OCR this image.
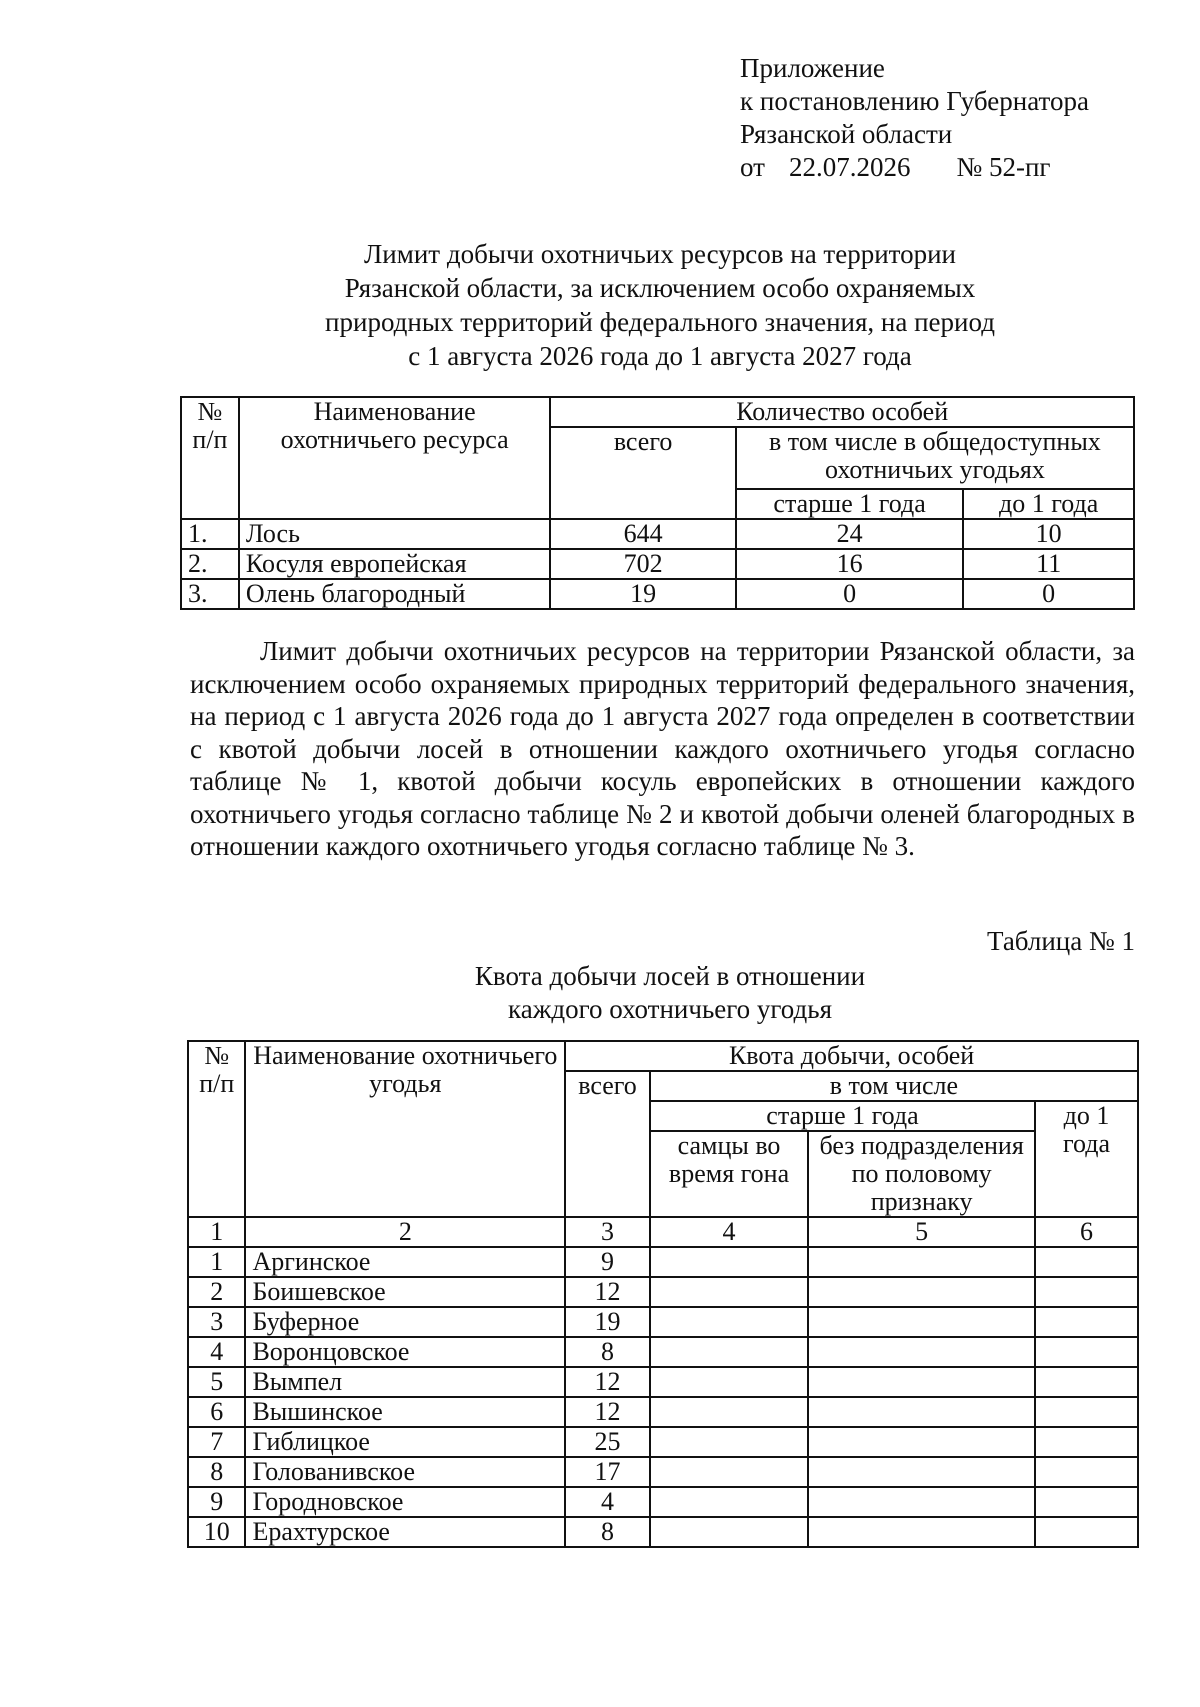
Приложение
к постановлению Губернатора
Рязанской области
от 22.07.2026 № 52-пг
Лимит добычи охотничьих ресурсов на территории
Рязанской области, за исключением особо охраняемых
природных территорий федерального значения, на период
с 1 августа 2026 года до 1 августа 2027 года
№ п/п	Наименование охотничьего ресурса	Количество особей		
		всего	в том числе в общедоступных охотничьих угодьях	
			старше 1 года	до 1 года
1.	Лось	644	24	10
2.	Косуля европейская	702	16	11
3.	Олень благородный	19	0	0
Лимит добычи охотничьих ресурсов на территории Рязанской области, за исключением особо охраняемых природных территорий федерального значения, на период с 1 августа 2026 года до 1 августа 2027 года определен в соответствии с квотой добычи лосей в отношении каждого охотничьего угодья согласно таблице № 1, квотой добычи косуль европейских в отношении каждого охотничьего угодья согласно таблице № 2 и квотой добычи оленей благородных в отношении каждого охотничьего угодья согласно таблице № 3.
Таблица № 1
Квота добычи лосей в отношении
каждого охотничьего угодья
№ п/п	Наименование охотничьего угодья	Квота добычи, особей			
		всего	в том числе		
			старше 1 года		до 1 года
			самцы во время гона	без подразделения по половому признаку	
1	2	3	4	5	6
1	Аргинское	9			
2	Боишевское	12			
3	Буферное	19			
4	Воронцовское	8			
5	Вымпел	12			
6	Вышинское	12			
7	Гиблицкое	25			
8	Голованивское	17			
9	Городновское	4			
10	Ерахтурское	8			
